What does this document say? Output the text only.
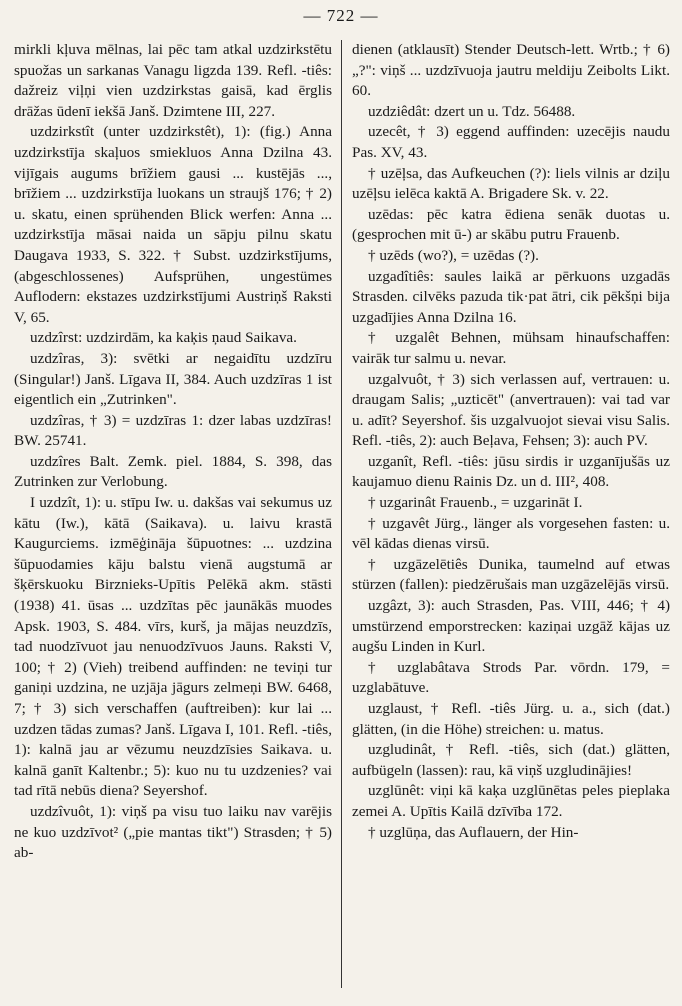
— 722 —

mirkli kļuva mēlnas, lai pēc tam atkal uzdzirkstētu spuožas un sarkanas Vanagu ligzda 139. Refl. -tiês: dažreiz viļņi vien uzdzirkstas gaisā, kad ērglis drāžas ūdenī iekšā Janš. Dzimtene III, 227.

uzdzirkstît (unter uzdzirkstêt), 1): (fig.) Anna uzdzirkstīja skaļuos smiekluos Anna Dzilna 43. vijīgais augums brīžiem gausi ... kustējās ..., brīžiem ... uzdzirkstīja luokans un straujš 176; † 2) u. skatu, einen sprühenden Blick werfen: Anna ... uzdzirkstīja māsai naida un sāpju pilnu skatu Daugava 1933, S. 322. † Subst. uzdzirkstījums, (abgeschlossenes) Aufsprühen, ungestümes Auflodern: ekstazes uzdzirkstījumi Austriņš Raksti V, 65.

uzdzîrst: uzdzirdām, ka kaķis ņaud Saikava.

uzdzîras, 3): svētki ar negaidītu uzdzīru (Singular!) Janš. Līgava II, 384. Auch uzdzīras 1 ist eigentlich ein „Zutrinken".

uzdzîras, † 3) = uzdzīras 1: dzer labas uzdzīras! BW. 25741.

uzdzîres Balt. Zemk. piel. 1884, S. 398, das Zutrinken zur Verlobung.

I uzdzît, 1): u. stīpu Iw. u. dakšas vai sekumus uz kātu (Iw.), kātā (Saikava). u. laivu krastā Kaugurciems. izmēģināja šūpuotnes: ... uzdzina šūpuodamies kāju balstu vienā augstumā ar šķērskuoku Birznieks-Upītis Pelēkā akm. stāsti (1938) 41. ūsas ... uzdzītas pēc jaunākās muodes Apsk. 1903, S. 484. vīrs, kurš, ja mājas neuzdzīs, tad nuodzīvuot jau nenuodzīvuos Jauns. Raksti V, 100; † 2) (Vieh) treibend auffinden: ne teviņi tur ganiņi uzdzina, ne uzjāja jāgurs zelmeņi BW. 6468, 7; † 3) sich verschaffen (auftreiben): kur lai ... uzdzen tādas zumas? Janš. Līgava I, 101. Refl. -tiês, 1): kalnā jau ar vēzumu neuzdzīsies Saikava. u. kalnā ganīt Kaltenbr.; 5): kuo nu tu uzdzenies? vai tad rītā nebūs diena? Seyershof.

uzdzîvuôt, 1): viņš pa visu tuo laiku nav varējis ne kuo uzdzīvot² („pie mantas tikt") Strasden; † 5) ab-

dienen (atklausīt) Stender Deutsch-lett. Wrtb.; † 6) „?": viņš ... uzdzīvuoja jautru meldiju Zeibolts Likt. 60.

uzdziêdât: dzert un u. Tdz. 56488.

uzecêt, † 3) eggend auffinden: uzecējis naudu Pas. XV, 43.

† uzēļsa, das Aufkeuchen (?): liels vilnis ar dziļu uzēļsu ielēca kaktā A. Brigadere Sk. v. 22.

uzēdas: pēc katra ēdiena senāk duotas u. (gesprochen mit ū-) ar skābu putru Frauenb.

† uzēds (wo?), = uzēdas (?).

uzgadîtiês: saules laikā ar pērkuons uzgadās Strasden. cilvēks pazuda tik·pat ātri, cik pēkšņi bija uzgadījies Anna Dzilna 16.

† uzgalêt Behnen, mühsam hinaufschaffen: vairāk tur salmu u. nevar.

uzgalvuôt, † 3) sich verlassen auf, vertrauen: u. draugam Salis; „uzticēt" (anvertrauen): vai tad var u. adīt? Seyershof. šis uzgalvuojot sievai visu Salis. Refl. -tiês, 2): auch Beļava, Fehsen; 3): auch PV.

uzganît, Refl. -tiês: jūsu sirdis ir uzganījušās uz kaujamuo dienu Rainis Dz. un d. III², 408.

† uzgarinât Frauenb., = uzgarināt I.

† uzgavêt Jürg., länger als vorgesehen fasten: u. vēl kādas dienas virsū.

† uzgāzelētiês Dunika, taumelnd auf etwas stürzen (fallen): piedzērušais man uzgāzelējās virsū.

uzgâzt, 3): auch Strasden, Pas. VIII, 446; † 4) umstürzend emporstrecken: kaziņai uzgāž kājas uz augšu Linden in Kurl.

† uzglabâtava Strods Par. vōrdn. 179, = uzglabātuve.

uzglaust, † Refl. -tiês Jürg. u. a., sich (dat.) glätten, (in die Höhe) streichen: u. matus.

uzgludinât, † Refl. -tiês, sich (dat.) glätten, aufbügeln (lassen): rau, kā viņš uzgludinājies!

uzglūnêt: viņi kā kaķa uzglūnētas peles pieplaka zemei A. Upītis Kailā dzīvība 172.

† uzglūņa, das Auflauern, der Hin-
